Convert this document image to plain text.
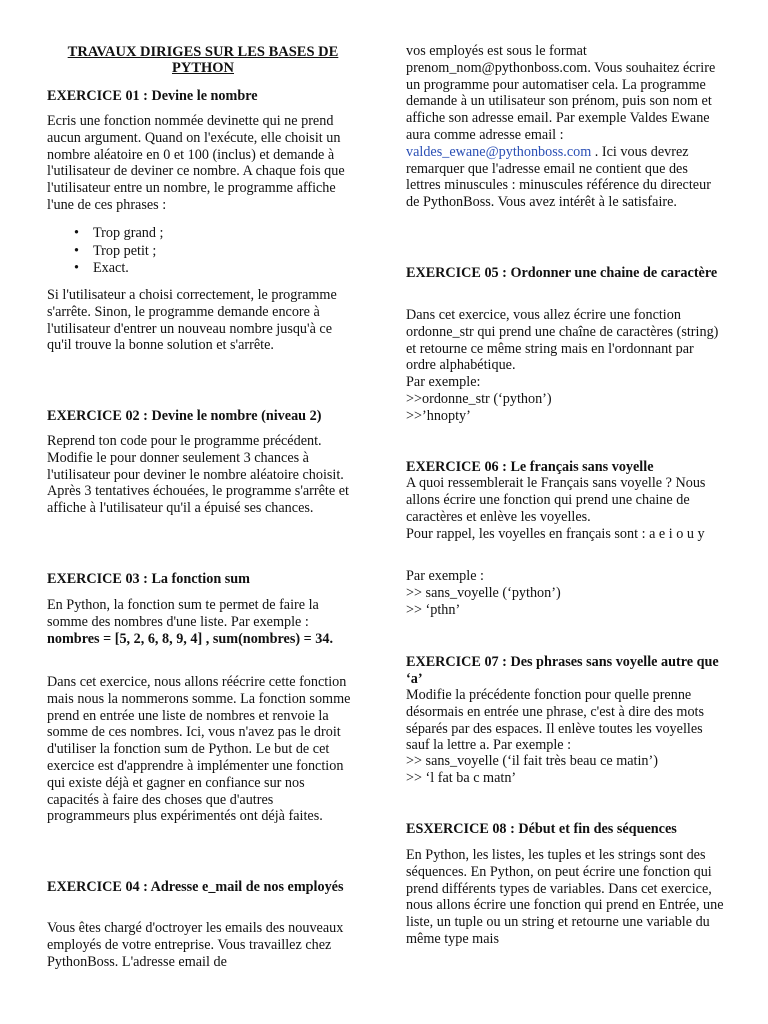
TRAVAUX DIRIGES SUR LES BASES DE PYTHON
EXERCICE 01 : Devine le nombre

Ecris une fonction nommée devinette qui ne prend aucun argument. Quand on l'exécute, elle choisit un nombre aléatoire en 0 et 100 (inclus) et demande à l'utilisateur de deviner ce nombre. A chaque fois que l'utilisateur entre un nombre, le programme affiche l'une de ces phrases :

• Trop grand ;
• Trop petit ;
• Exact.

Si l'utilisateur a choisi correctement, le programme s'arrête. Sinon, le programme demande encore à l'utilisateur d'entrer un nouveau nombre jusqu'à ce qu'il trouve la bonne solution et s'arrête.

EXERCICE 02 : Devine le nombre (niveau 2)

Reprend ton code pour le programme précédent. Modifie le pour donner seulement 3 chances à l'utilisateur pour deviner le nombre aléatoire choisit. Après 3 tentatives échouées, le programme s'arrête et affiche à l'utilisateur qu'il a épuisé ses chances.

EXERCICE 03 : La fonction sum

En Python, la fonction sum te permet de faire la somme des nombres d'une liste. Par exemple : nombres = [5, 2, 6, 8, 9, 4] , sum(nombres) = 34.

Dans cet exercice, nous allons réécrire cette fonction mais nous la nommerons somme. La fonction somme prend en entrée une liste de nombres et renvoie la somme de ces nombres. Ici, vous n'avez pas le droit d'utiliser la fonction sum de Python. Le but de cet exercice est d'apprendre à implémenter une fonction qui existe déjà et gagner en confiance sur nos capacités à faire des choses que d'autres programmeurs plus expérimentés ont déjà faites.

EXERCICE 04 : Adresse e_mail de nos employés

Vous êtes chargé d'octroyer les emails des nouveaux employés de votre entreprise. Vous travaillez chez PythonBoss. L'adresse email de

vos employés est sous le format prenom_nom@pythonboss.com. Vous souhaitez écrire un programme pour automatiser cela. La programme demande à un utilisateur son prénom, puis son nom et affiche son adresse email. Par exemple Valdes Ewane aura comme adresse email : valdes_ewane@pythonboss.com . Ici vous devrez remarquer que l'adresse email ne contient que des lettres minuscules : minuscules référence du directeur de PythonBoss. Vous avez intérêt à le satisfaire.

EXERCICE 05 : Ordonner une chaine de caractère

Dans cet exercice, vous allez écrire une fonction ordonne_str qui prend une chaîne de caractères (string) et retourne ce même string mais en l'ordonnant par ordre alphabétique.

Par exemple:
>>ordonne_str (‘python’)
>>’hnopty’

EXERCICE 06 : Le français sans voyelle

A quoi ressemblerait le Français sans voyelle ? Nous allons écrire une fonction qui prend une chaine de caractères et enlève les voyelles.

Pour rappel, les voyelles en français sont : a e i o u y

Par exemple :
>> sans_voyelle (‘python’)
>> ‘pthn’

EXERCICE 07 : Des phrases sans voyelle autre que ‘a’

Modifie la précédente fonction pour quelle prenne désormais en entrée une phrase, c'est à dire des mots séparés par des espaces. Il enlève toutes les voyelles sauf la lettre a. Par exemple :

>> sans_voyelle (‘il fait très beau ce matin’)
>> ‘l fat ba c matn’

ESXERCICE 08 : Début et fin des séquences

En Python, les listes, les tuples et les strings sont des séquences. En Python, on peut écrire une fonction qui prend différents types de variables. Dans cet exercice, nous allons écrire une fonction qui prend en Entrée, une liste, un tuple ou un string et retourne une variable du même type mais
